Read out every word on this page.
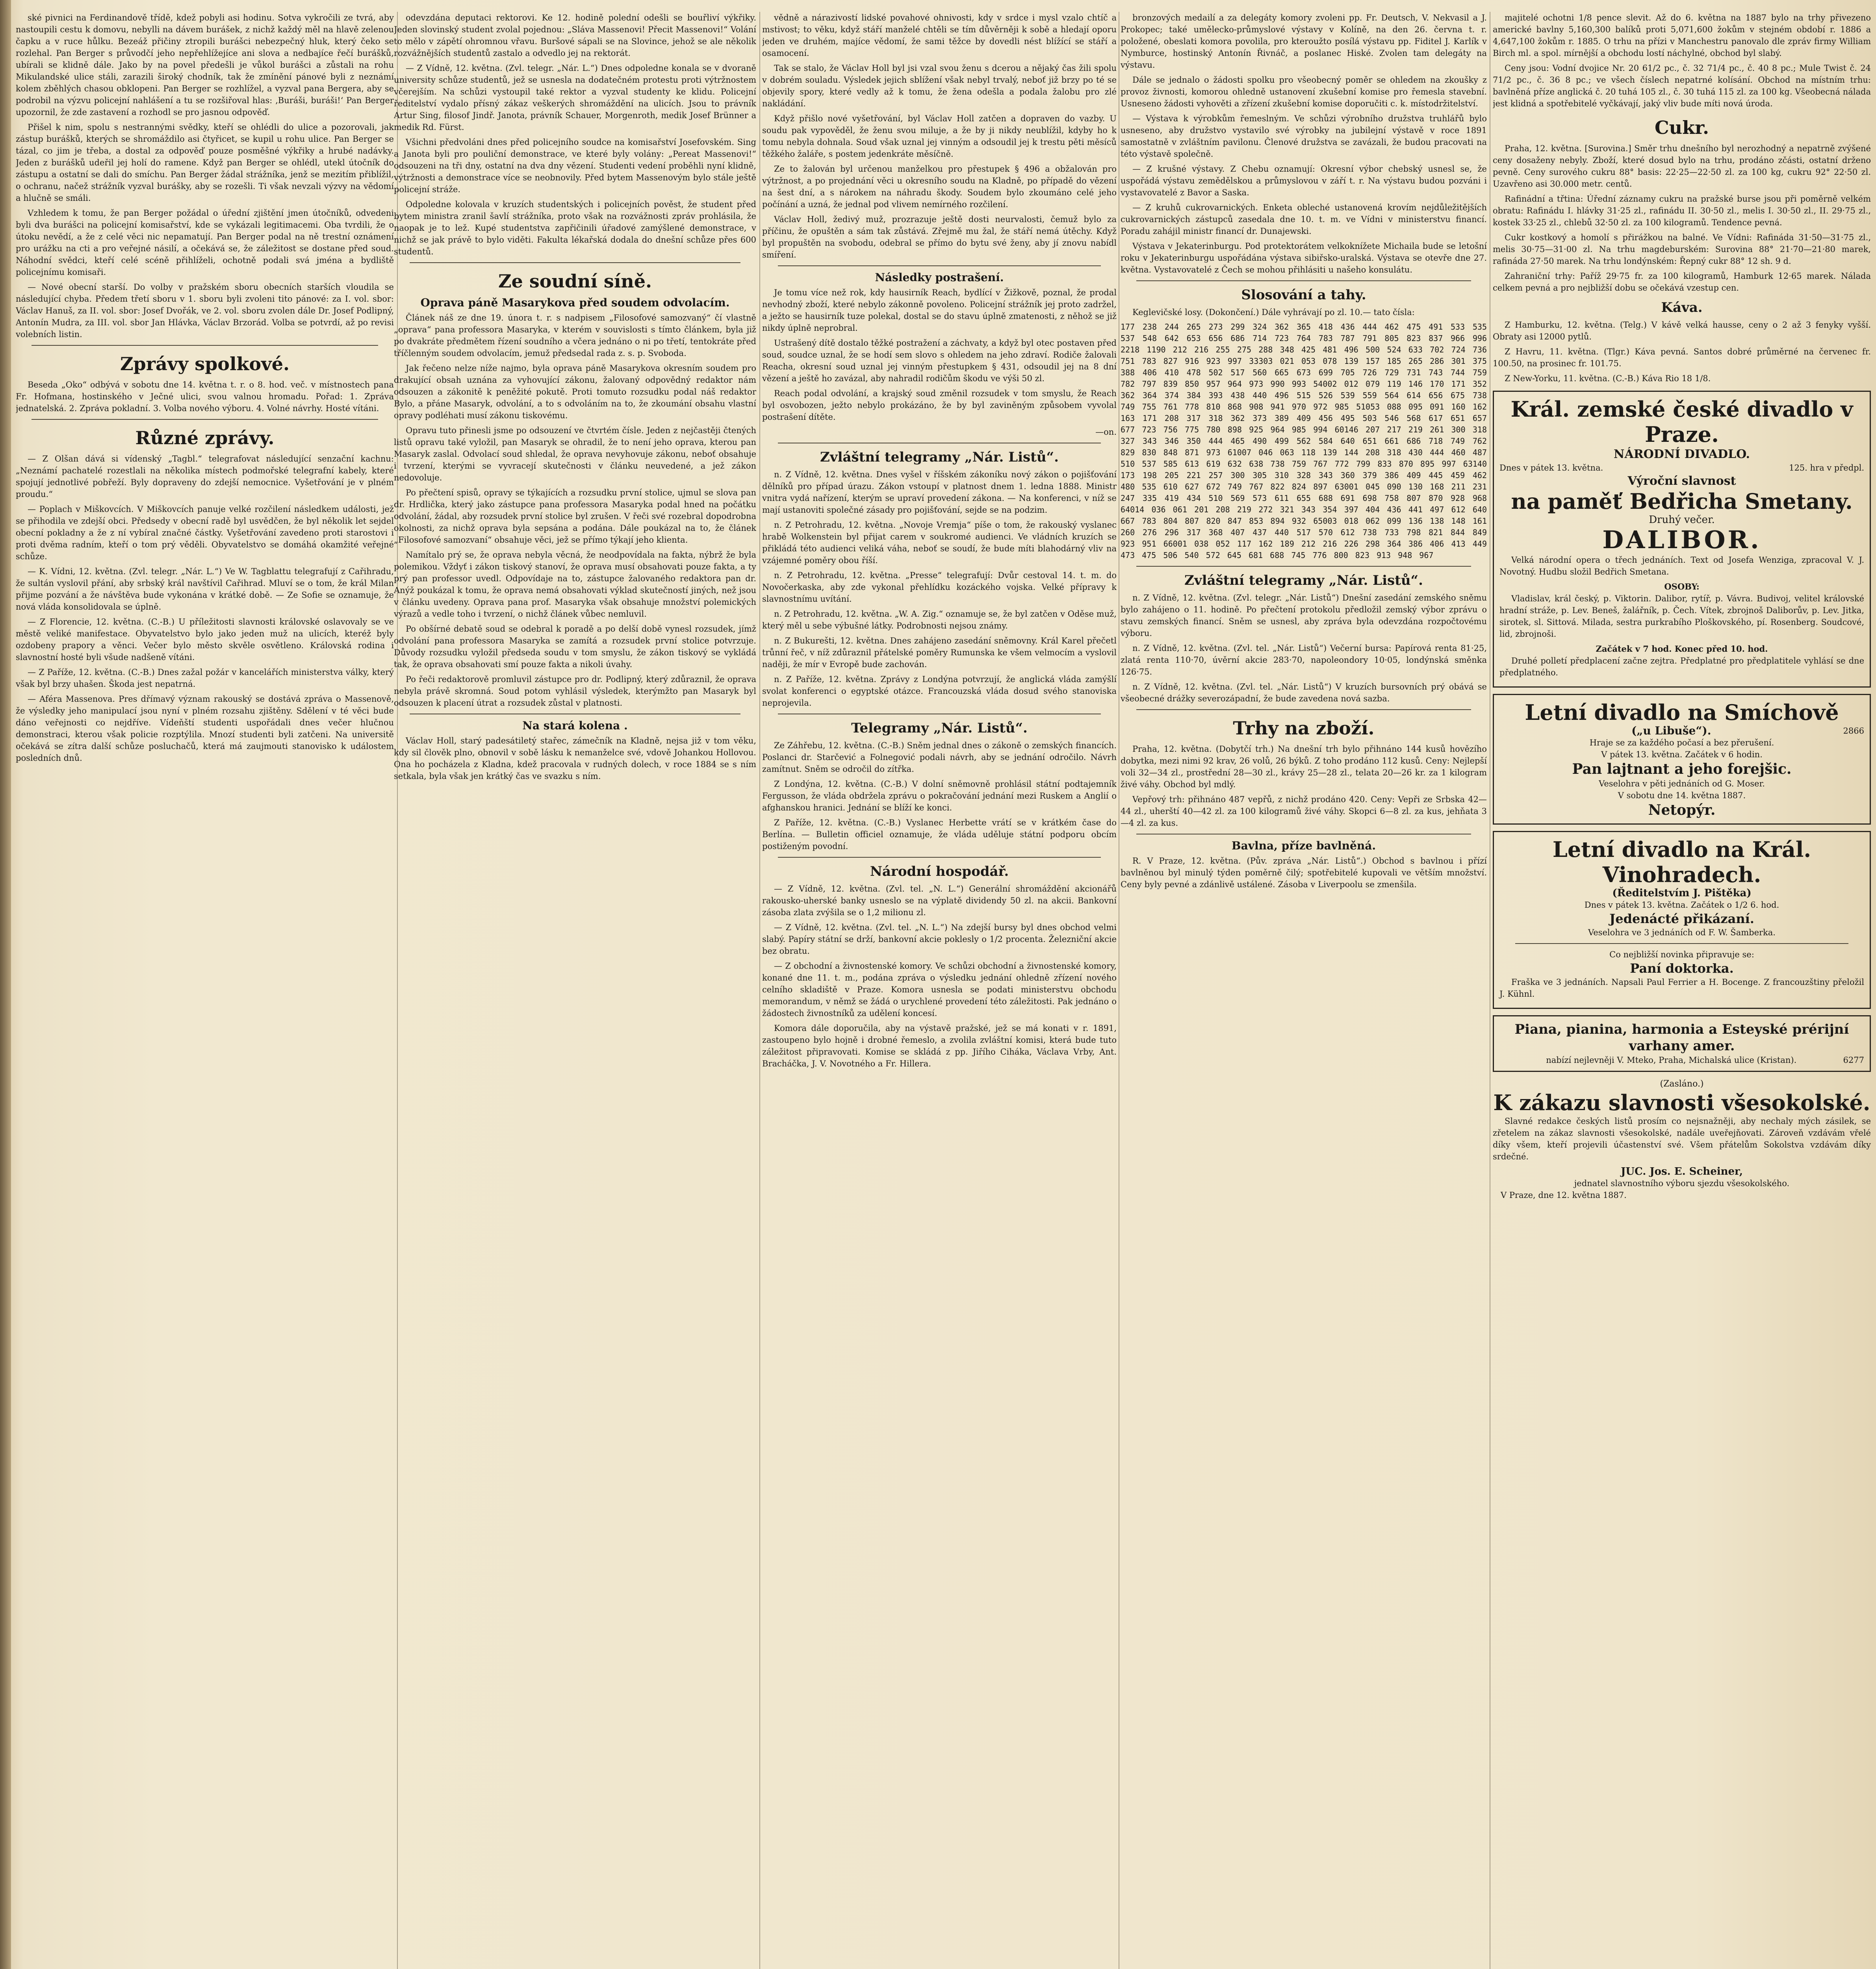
ské pivnici na Ferdinandově třídě, kdež pobyli asi hodinu. Sotva vykročili ze tvrá, aby nastoupili cestu k domovu, nebylli na dávem burášek, z nichž každý měl na hlavě zelenou čapku a v ruce hůlku. Bezeáž přičiny ztropili burášci nebezpečný hluk, který čeko se rozlehal. Pan Berger s průvodčí jeho nepřehlížejíce ani slova a nedbajíce řečí burášků, ubírali se klidně dále. Jako by na povel předešli je vůkol burášci a zůstali na rohu Mikulandské ulice stáli, zarazili široký chodník, tak že zmínění pánové byli z neznámí kolem zběhlých chasou obklopeni. Pan Berger se rozhlížel, a vyzval pana Bergera, aby se podrobil na výzvu policejní nahlášení a tu se rozšiřoval hlas: ‚Buráši, buráši!‘ Pan Berger upozornil, že zde zastavení a rozhodl se pro jasnou odpověď.

Přišel k nim, spolu s nestrannými svědky, kteří se ohlédli do ulice a pozorovali, jak zástup burášků, kterých se shromáždilo asi čtyřicet, se kupil u rohu ulice. Pan Berger se tázal, co jim je třeba, a dostal za odpověď pouze posměšné výkřiky a hrubé nadávky. Jeden z burášků udeřil jej holí do ramene. Když pan Berger se ohlédl, utekl útočník do zástupu a ostatní se dali do smíchu. Pan Berger žádal strážníka, jenž se mezitím přiblížil, o ochranu, načež strážník vyzval burášky, aby se rozešli. Ti však nevzali výzvy na vědomí a hlučně se smáli.

Vzhledem k tomu, že pan Berger požádal o úřední zjištění jmen útočníků, odvedeni byli dva burášci na policejní komisařství, kde se vykázali legitimacemi. Oba tvrdili, že o útoku nevědí, a že z celé věci nic nepamatují. Pan Berger podal na ně trestní oznámení pro urážku na cti a pro veřejné násilí, a očekává se, že záležitost se dostane před soud. Náhodní svědci, kteří celé scéně přihlíželi, ochotně podali svá jména a bydliště policejnímu komisaři.

— Nové obecní starší. Do volby v pražském sboru obecních starších vloudila se následující chyba. Předem třetí sboru v 1. sboru byli zvoleni tito pánové: za I. vol. sbor: Václav Hanuš, za II. vol. sbor: Josef Dvořák, ve 2. vol. sboru zvolen dále Dr. Josef Podlipný, Antonín Mudra, za III. vol. sbor Jan Hlávka, Václav Brzorád. Volba se potvrdí, až po revisi volebních listin.

Zprávy spolkové.

Beseda „Oko“ odbývá v sobotu dne 14. května t. r. o 8. hod. več. v místnostech pana Fr. Hofmana, hostinského v Ječné ulici, svou valnou hromadu. Pořad: 1. Zpráva jednatelská. 2. Zpráva pokladní. 3. Volba nového výboru. 4. Volné návrhy. Hosté vítáni.

Různé zprávy.

— Z Olšan dává si vídenský „Tagbl.“ telegrafovat následující senzační kachnu: „Neznámí pachatelé rozestlali na několika místech podmořské telegrafní kabely, které spojují jednotlivé pobřeží. Byly dopraveny do zdejší nemocnice. Vyšetřování je v plném proudu.“

— Poplach v Miškovcích. V Miškovcích panuje velké rozčilení následkem události, jež se přihodila ve zdejší obci. Předsedy v obecní radě byl usvědčen, že byl několik let sejdel obecní pokladny a že z ní vybíral značné částky. Vyšetřování zavedeno proti starostovi i proti dvěma radním, kteří o tom prý věděli. Obyvatelstvo se domáhá okamžité veřejné schůze.

— K. Vídni, 12. května. (Zvl. telegr. „Nár. L.“) Ve W. Tagblattu telegrafují z Cařihradu, že sultán vyslovil přání, aby srbský král navštívil Cařihrad. Mluví se o tom, že král Milan přijme pozvání a že návštěva bude vykonána v krátké době. — Ze Sofie se oznamuje, že nová vláda konsolidovala se úplně.

— Z Florencie, 12. května. (C.-B.) U příležitosti slavnosti královské oslavovaly se ve městě veliké manifestace. Obyvatelstvo bylo jako jeden muž na ulicích, kteréž byly ozdobeny prapory a věnci. Večer bylo město skvěle osvětleno. Královská rodina i slavnostní hosté byli všude nadšeně vítáni.

— Z Paříže, 12. května. (C.-B.) Dnes zažal požár v kancelářích ministerstva války, který však byl brzy uhašen. Škoda jest nepatrná.

— Aféra Massenova. Pres dřímavý význam rakouský se dostává zpráva o Massenově, že výsledky jeho manipulací jsou nyní v plném rozsahu zjištěny. Sdělení v té věci bude dáno veřejnosti co nejdříve. Vídeňští studenti uspořádali dnes večer hlučnou demonstraci, kterou však policie rozptýlila. Mnozí studenti byli zatčeni. Na universitě očekává se zítra další schůze posluchačů, která má zaujmouti stanovisko k událostem posledních dnů.

odevzdána deputaci rektorovi. Ke 12. hodině polední odešli se bouřliví výkřiky. Jeden slovinský student zvolal pojednou: „Sláva Massenovi! Přecit Massenovi!“ Volání to mělo v zápětí ohromnou vřavu. Buršové sápali se na Slovince, jehož se ale několik rozvážnějších studentů zastalo a odvedlo jej na rektorát.

— Z Vídně, 12. května. (Zvl. telegr. „Nár. L.“) Dnes odpoledne konala se v dvoraně university schůze studentů, jež se usnesla na dodatečném protestu proti výtržnostem včerejším. Na schůzi vystoupil také rektor a vyzval studenty ke klidu. Policejní ředitelství vydalo přísný zákaz veškerých shromáždění na ulicích. Jsou to právník Artur Sing, filosof Jindř. Janota, právník Schauer, Morgenroth, medik Josef Brünner a medik Rd. Fürst.

Všichni předvoláni dnes před policejního soudce na komisařství Josefovském. Sing a Janota byli pro pouliční demonstrace, ve které byly volány: „Pereat Massenovi!“ odsouzeni na tři dny, ostatní na dva dny vězení. Studenti vedení proběhli nyní klidně, výtržnosti a demonstrace více se neobnovily. Před bytem Massenovým bylo stále ještě policejní stráže.

Odpoledne kolovala v kruzích studentských i policejních pověst, že student před bytem ministra zranil šavlí strážníka, proto však na rozvážnosti zpráv prohlásila, že naopak je to lež. Kupé studentstva zapřičinili úřadové zamýšlené demonstrace, v nichž se jak právě to bylo viděti. Fakulta lékařská dodala do dnešní schůze přes 600 studentů.

Ze soudní síně.
Oprava páně Masarykova před soudem odvolacím.

Článek náš ze dne 19. února t. r. s nadpisem „Filosofové samozvaný“ čí vlastně „oprava“ pana professora Masaryka, v kterém v souvislosti s tímto článkem, byla již po dvakráte předmětem řízení soudního a včera jednáno o ni po třetí, tentokráte před tříčlenným soudem odvolacím, jemuž předsedal rada z. s. p. Svoboda.

Jak řečeno nelze níže najmo, byla oprava páně Masarykova okresním soudem pro drakující obsah uznána za vyhovující zákonu, žalovaný odpovědný redaktor nám odsouzen a zákonitě k peněžité pokutě. Proti tomuto rozsudku podal náš redaktor Bylo, a přáne Masaryk, odvolání, a to s odvoláním na to, že zkoumání obsahu vlastní opravy podléhati musí zákonu tiskovému.

Opravu tuto přinesli jsme po odsouzení ve čtvrtém čísle. Jeden z nejčastěji čtených listů opravu také vyložil, pan Masaryk se ohradil, že to není jeho oprava, kterou pan Masaryk zaslal. Odvolací soud shledal, že oprava nevyhovuje zákonu, neboť obsahuje i tvrzení, kterými se vyvracejí skutečnosti v článku neuvedené, a jež zákon nedovoluje.

Po přečtení spisů, opravy se týkajících a rozsudku první stolice, ujmul se slova pan dr. Hrdlička, který jako zástupce pana professora Masaryka podal hned na počátku odvolání, žádal, aby rozsudek první stolice byl zrušen. V řeči své rozebral dopodrobna okolnosti, za nichž oprava byla sepsána a podána. Dále poukázal na to, že článek „Filosofové samozvaní“ obsahuje věci, jež se přímo týkají jeho klienta.

Namítalo prý se, že oprava nebyla věcná, že neodpovídala na fakta, nýbrž že byla polemikou. Vždyť i zákon tiskový stanoví, že oprava musí obsahovati pouze fakta, a ty prý pan professor uvedl. Odpovídaje na to, zástupce žalovaného redaktora pan dr. Anýž poukázal k tomu, že oprava nemá obsahovati výklad skutečností jiných, než jsou v článku uvedeny. Oprava pana prof. Masaryka však obsahuje množství polemických výrazů a vedle toho i tvrzení, o nichž článek vůbec nemluvil.

Po obšírné debatě soud se odebral k poradě a po delší době vynesl rozsudek, jímž odvolání pana professora Masaryka se zamítá a rozsudek první stolice potvrzuje. Důvody rozsudku vyložil předseda soudu v tom smyslu, že zákon tiskový se vykládá tak, že oprava obsahovati smí pouze fakta a nikoli úvahy.

Po řeči redaktorově promluvil zástupce pro dr. Podlipný, který zdůraznil, že oprava nebyla právě skromná. Soud potom vyhlásil výsledek, kterýmžto pan Masaryk byl odsouzen k placení útrat a rozsudek zůstal v platnosti.

Na stará kolena .

Václav Holl, starý padesátiletý stařec, zámečník na Kladně, nejsa již v tom věku, kdy sil člověk plno, obnovil v sobě lásku k nemanželce své, vdově Johankou Hollovou. Ona ho pocházela z Kladna, kdež pracovala v rudných dolech, v roce 1884 se s ním setkala, byla však jen krátký čas ve svazku s ním.

vědně a nárazivostí lidské povahové ohnivosti, kdy v srdce i mysl vzalo chtíč a mstivost; to věku, když stáří manželé chtěli se tím důvěrněji k sobě a hledají oporu jeden ve druhém, majíce vědomí, že sami těžce by dovedli nést blížící se stáří a osamocení.

Tak se stalo, že Václav Holl byl jsi vzal svou ženu s dcerou a nějaký čas žili spolu v dobrém souladu. Výsledek jejich sblížení však nebyl trvalý, neboť již brzy po té se objevily spory, které vedly až k tomu, že žena odešla a podala žalobu pro zlé nakládání.

Když přišlo nové vyšetřování, byl Václav Holl zatčen a dopraven do vazby. U soudu pak vypověděl, že ženu svou miluje, a že by ji nikdy neublížil, kdyby ho k tomu nebyla dohnala. Soud však uznal jej vinným a odsoudil jej k trestu pěti měsíců těžkého žaláře, s postem jedenkráte měsíčně.

Ze to žalován byl určenou manželkou pro přestupek § 496 a obžalován pro výtržnost, a po projednání věci u okresního soudu na Kladně, po případě do vězení na šest dní, a s nárokem na náhradu škody. Soudem bylo zkoumáno celé jeho počínání a uzná, že jednal pod vlivem nemírného rozčilení.

Václav Holl, žedivý muž, prozrazuje ještě dosti neurvalosti, čemuž bylo za příčinu, že opuštěn a sám tak zůstává. Zřejmě mu žal, že stáří nemá útěchy. Když byl propuštěn na svobodu, odebral se přímo do bytu své ženy, aby jí znovu nabídl smíření.

Následky postrašení.

Je tomu více než rok, kdy hausirník Reach, bydlící v Žižkově, poznal, že prodal nevhodný zboží, které nebylo zákonně povoleno. Policejní strážník jej proto zadržel, a ježto se hausirník tuze polekal, dostal se do stavu úplně zmatenosti, z něhož se již nikdy úplně neprobral.

Ustrašený dítě dostalo těžké postražení a záchvaty, a když byl otec postaven před soud, soudce uznal, že se hodí sem slovo s ohledem na jeho zdraví. Rodiče žalovali Reacha, okresní soud uznal jej vinným přestupkem § 431, odsoudil jej na 8 dní vězení a ještě ho zavázal, aby nahradil rodičům škodu ve výši 50 zl.

Reach podal odvolání, a krajský soud změnil rozsudek v tom smyslu, že Reach byl osvobozen, ježto nebylo prokázáno, že by byl zaviněným způsobem vyvolal postrašení dítěte.

—on.

Zvláštní telegramy „Nár. Listů“.

n. Z Vídně, 12. května. Dnes vyšel v říšském zákoníku nový zákon o pojišťování dělníků pro případ úrazu. Zákon vstoupí v platnost dnem 1. ledna 1888. Ministr vnitra vydá nařízení, kterým se upraví provedení zákona. — Na konferenci, v níž se mají ustanoviti společné zásady pro pojišťování, sejde se na podzim.

n. Z Petrohradu, 12. května. „Novoje Vremja“ píše o tom, že rakouský vyslanec hrabě Wolkenstein byl přijat carem v soukromé audienci. Ve vládních kruzích se přikládá této audienci veliká váha, neboť se soudí, že bude míti blahodárný vliv na vzájemné poměry obou říší.

n. Z Petrohradu, 12. května. „Presse“ telegrafují: Dvůr cestoval 14. t. m. do Novočerkaska, aby zde vykonal přehlídku kozáckého vojska. Velké přípravy k slavnostnímu uvítání.

n. Z Petrohradu, 12. května. „W. A. Zig.“ oznamuje se, že byl zatčen v Oděse muž, který měl u sebe výbušné látky. Podrobnosti nejsou známy.

n. Z Bukurešti, 12. května. Dnes zahájeno zasedání sněmovny. Král Karel přečetl trůnní řeč, v níž zdůraznil přátelské poměry Rumunska ke všem velmocím a vyslovil naději, že mír v Evropě bude zachován.

n. Z Paříže, 12. května. Zprávy z Londýna potvrzují, že anglická vláda zamýšlí svolat konferenci o egyptské otázce. Francouzská vláda dosud svého stanoviska neprojevila.

Telegramy „Nár. Listů“.

Ze Záhřebu, 12. května. (C.-B.) Sněm jednal dnes o zákoně o zemských financích. Poslanci dr. Starčević a Folnegović podali návrh, aby se jednání odročilo. Návrh zamítnut. Sněm se odročil do zítřka.

Z Londýna, 12. května. (C.-B.) V dolní sněmovně prohlásil státní podtajemník Fergusson, že vláda obdržela zprávu o pokračování jednání mezi Ruskem a Anglií o afghanskou hranici. Jednání se blíží ke konci.

Z Paříže, 12. května. (C.-B.) Vyslanec Herbette vrátí se v krátkém čase do Berlína. — Bulletin officiel oznamuje, že vláda uděluje státní podporu obcím postiženým povodní.

Národní hospodář.

— Z Vídně, 12. května. (Zvl. tel. „N. L.“) Generální shromáždění akcionářů rakousko-uherské banky usneslo se na výplatě dividendy 50 zl. na akcii. Bankovní zásoba zlata zvýšila se o 1,2 milionu zl.

— Z Vídně, 12. května. (Zvl. tel. „N. L.“) Na zdejší bursy byl dnes obchod velmi slabý. Papíry státní se drží, bankovní akcie poklesly o 1/2 procenta. Železniční akcie bez obratu.

— Z obchodní a živnostenské komory. Ve schůzi obchodní a živnostenské komory, konané dne 11. t. m., podána zpráva o výsledku jednání ohledně zřízení nového celního skladiště v Praze. Komora usnesla se podati ministerstvu obchodu memorandum, v němž se žádá o urychlené provedení této záležitosti. Pak jednáno o žádostech živnostníků za udělení koncesí.

Komora dále doporučila, aby na výstavě pražské, jež se má konati v r. 1891, zastoupeno bylo hojně i drobné řemeslo, a zvolila zvláštní komisi, která bude tuto záležitost připravovati. Komise se skládá z pp. Jiřího Ciháka, Václava Vrby, Ant. Bracháčka, J. V. Novotného a Fr. Hillera.

bronzových medailí a za delegáty komory zvoleni pp. Fr. Deutsch, V. Nekvasil a J. Prokopec; také umělecko-průmyslové výstavy v Kolíně, na den 26. června t. r. položené, obeslati komora povolila, pro kteroužto posílá výstavu pp. Fiditel J. Karlík v Nymburce, hostinský Antonín Řivnáč, a poslanec Hiské. Zvolen tam delegáty na výstavu.

Dále se jednalo o žádosti spolku pro všeobecný poměr se ohledem na zkoušky z provoz živnosti, komorou ohledně ustanovení zkušební komise pro řemesla stavební. Usneseno žádosti vyhověti a zřízení zkušební komise doporučiti c. k. místodržitelství.

— Výstava k výrobkům řemeslným. Ve schůzi výrobního družstva truhlářů bylo usneseno, aby družstvo vystavilo své výrobky na jubilejní výstavě v roce 1891 samostatně v zvláštním pavilonu. Členové družstva se zavázali, že budou pracovati na této výstavě společně.

— Z krušné výstavy. Z Chebu oznamují: Okresní výbor chebský usnesl se, že uspořádá výstavu zemědělskou a průmyslovou v září t. r. Na výstavu budou pozváni i vystavovatelé z Bavor a Saska.

— Z kruhů cukrovarnických. Enketa obleché ustanovená krovím nejdůležitějších cukrovarnických zástupců zasedala dne 10. t. m. ve Vídni v ministerstvu financí. Poradu zahájil ministr financí dr. Dunajewski.

Výstava v Jekaterinburgu. Pod protektorátem velkoknížete Michaila bude se letošní roku v Jekaterinburgu uspořádána výstava sibiřsko-uralská. Výstava se otevře dne 27. května. Vystavovatelé z Čech se mohou přihlásiti u našeho konsulátu.

Slosování a tahy.

Keglevičské losy. (Dokončení.) Dále vyhrávají po zl. 10.— tato čísla:

177 238 244 265 273 299 324 362 365 418 436 444 462 475 491 533 535 537 548 642 653 656 686 714 723 764 783 787 791 805 823 837 966 996 2218 1190 212 216 255 275 288 348 425 481 496 500 524 633 702 724 736 751 783 827 916 923 997 33303 021 053 078 139 157 185 265 286 301 375 388 406 410 478 502 517 560 665 673 699 705 726 729 731 743 744 759 782 797 839 850 957 964 973 990 993 54002 012 079 119 146 170 171 352 362 364 374 384 393 438 440 496 515 526 539 559 564 614 656 675 738 749 755 761 778 810 868 908 941 970 972 985 51053 088 095 091 160 162 163 171 208 317 318 362 373 389 409 456 495 503 546 568 617 651 657 677 723 756 775 780 898 925 964 985 994 60146 207 217 219 261 300 318 327 343 346 350 444 465 490 499 562 584 640 651 661 686 718 749 762 829 830 848 871 973 61007 046 063 118 139 144 208 318 430 444 460 487 510 537 585 613 619 632 638 738 759 767 772 799 833 870 895 997 63140 173 198 205 221 257 300 305 310 328 343 360 379 386 409 445 459 462 480 535 610 627 672 749 767 822 824 897 63001 045 090 130 168 211 231 247 335 419 434 510 569 573 611 655 688 691 698 758 807 870 928 968 64014 036 061 201 208 219 272 321 343 354 397 404 436 441 497 612 640 667 783 804 807 820 847 853 894 932 65003 018 062 099 136 138 148 161 260 276 296 317 368 407 437 440 517 570 612 738 733 798 821 844 849 923 951 66001 038 052 117 162 189 212 216 226 298 364 386 406 413 449 473 475 506 540 572 645 681 688 745 776 800 823 913 948 967
Zvláštní telegramy „Nár. Listů“.

n. Z Vídně, 12. května. (Zvl. telegr. „Nár. Listů“) Dnešní zasedání zemského sněmu bylo zahájeno o 11. hodině. Po přečtení protokolu předložil zemský výbor zprávu o stavu zemských financí. Sněm se usnesl, aby zpráva byla odevzdána rozpočtovému výboru.

n. Z Vídně, 12. května. (Zvl. tel. „Nár. Listů“) Večerní bursa: Papírová renta 81·25, zlatá renta 110·70, úvěrní akcie 283·70, napoleondory 10·05, londýnská směnka 126·75.

n. Z Vídně, 12. května. (Zvl. tel. „Nár. Listů“) V kruzích bursovních prý obává se všeobecné drážky severozápadní, že bude zavedena nová sazba.

Trhy na zboží.

Praha, 12. května. (Dobytčí trh.) Na dnešní trh bylo přihnáno 144 kusů hovězího dobytka, mezi nimi 92 krav, 26 volů, 26 býků. Z toho prodáno 112 kusů. Ceny: Nejlepší voli 32—34 zl., prostřední 28—30 zl., krávy 25—28 zl., telata 20—26 kr. za 1 kilogram živé váhy. Obchod byl mdlý.

Vepřový trh: přihnáno 487 vepřů, z nichž prodáno 420. Ceny: Vepři ze Srbska 42—44 zl., uherští 40—42 zl. za 100 kilogramů živé váhy. Skopci 6—8 zl. za kus, jehňata 3—4 zl. za kus.

Bavlna, příze bavlněná.

R. V Praze, 12. května. (Pův. zpráva „Nár. Listů“.) Obchod s bavlnou i přízí bavlněnou byl minulý týden poměrně čilý; spotřebitelé kupovali ve větším množství. Ceny byly pevné a zdánlivě ustálené. Zásoba v Liverpoolu se zmenšila.

majitelé ochotni 1/8 pence slevit. Až do 6. května na 1887 bylo na trhy přivezeno americké bavlny 5,160,300 balíků proti 5,071,600 žokům v stejném období r. 1886 a 4,647,100 žokům r. 1885. O trhu na přízi v Manchestru panovalo dle zpráv firmy William Birch ml. a spol. mírnější a obchodu lostí náchylné, obchod byl slabý.

Ceny jsou: Vodní dvojice Nr. 20 61/2 pc., č. 32 71/4 pc., č. 40 8 pc.; Mule Twist č. 24 71/2 pc., č. 36 8 pc.; ve všech číslech nepatrné kolísání. Obchod na místním trhu: bavlněná příze anglická č. 20 tuhá 105 zl., č. 30 tuhá 115 zl. za 100 kg. Všeobecná nálada jest klidná a spotřebitelé vyčkávají, jaký vliv bude míti nová úroda.

Cukr.

Praha, 12. května. [Surovina.] Směr trhu dnešního byl nerozhodný a nepatrně zvýšené ceny dosaženy nebyly. Zboží, které dosud bylo na trhu, prodáno zčásti, ostatní drženo pevně. Ceny surového cukru 88° basis: 22·25—22·50 zl. za 100 kg, cukru 92° 22·50 zl. Uzavřeno asi 30.000 metr. centů.

Rafinádní a třtina: Úřední záznamy cukru na pražské burse jsou při poměrně velkém obratu: Rafinádu I. hlávky 31·25 zl., rafinádu II. 30·50 zl., melis I. 30·50 zl., II. 29·75 zl., kostek 33·25 zl., chlebů 32·50 zl. za 100 kilogramů. Tendence pevná.

Cukr kostkový a homolí s přirážkou na balné. Ve Vídni: Rafináda 31·50—31·75 zl., melis 30·75—31·00 zl. Na trhu magdeburském: Surovina 88° 21·70—21·80 marek, rafináda 27·50 marek. Na trhu londýnském: Řepný cukr 88° 12 sh. 9 d.

Zahraniční trhy: Paříž 29·75 fr. za 100 kilogramů, Hamburk 12·65 marek. Nálada celkem pevná a pro nejbližší dobu se očekává vzestup cen.

Káva.

Z Hamburku, 12. května. (Telg.) V kávě velká hausse, ceny o 2 až 3 fenyky vyšší. Obraty asi 12000 pytlů.

Z Havru, 11. května. (Tlgr.) Káva pevná. Santos dobré průměrné na červenec fr. 100.50, na prosinec fr. 101.75.

Z New-Yorku, 11. května. (C.-B.) Káva Rio 18 1/8.

Král. zemské české divadlo v Praze.
NÁRODNÍ DIVADLO.
Dnes v pátek 13. května.	125. hra v předpl.
Výroční slavnost
na paměť Bedřicha Smetany.
Druhý večer.
DALIBOR.

Velká národní opera o třech jednáních. Text od Josefa Wenziga, zpracoval V. J. Novotný. Hudbu složil Bedřich Smetana.

OSOBY:

Vladislav, král český, p. Viktorin. Dalibor, rytíř, p. Vávra. Budivoj, velitel královské hradní stráže, p. Lev. Beneš, žalářník, p. Čech. Vítek, zbrojnoš Daliborův, p. Lev. Jitka, sirotek, sl. Sittová. Milada, sestra purkrabího Ploškovského, pí. Rosenberg. Soudcové, lid, zbrojnoši.

Začátek v 7 hod. Konec před 10. hod.

Druhé polletí předplacení začne zejtra. Předplatné pro předplatitele vyhlásí se dne předplatného.

Letní divadlo na Smíchově
(„u Libuše“).	2866
Hraje se za každého počasí a bez přerušení.
V pátek 13. května. Začátek v 6 hodin.
Pan lajtnant a jeho forejšic.
Veselohra v pěti jednáních od G. Moser.
V sobotu dne 14. května 1887.
Netopýr.
Letní divadlo na Král. Vinohradech.
(Ředitelstvím J. Pištěka)
Dnes v pátek 13. května. Začátek o 1/2 6. hod.
Jedenácté přikázaní.
Veselohra ve 3 jednáních od F. W. Šamberka.
Co nejbližší novinka připravuje se:
Paní doktorka.

Fraška ve 3 jednáních. Napsali Paul Ferrier a H. Bocenge. Z francouzštiny přeložil J. Kühnl.

Piana, pianina, harmonia a Esteyské prérijní varhany amer.
nabízí nejlevněji V. Mteko, Praha, Michalská ulice (Kristan).	6277
(Zasláno.)
K zákazu slavnosti všesokolské.

Slavné redakce českých listů prosím co nejsnažněji, aby nechaly mých zásilek, se zřetelem na zákaz slavnosti všesokolské, nadále uveřejňovati. Zároveň vzdávám vřelé díky všem, kteří projevili účastenství své. Všem přátelům Sokolstva vzdávám díky srdečné.

JUC. Jos. E. Scheiner,
jednatel slavnostního výboru sjezdu všesokolského.
V Praze, dne 12. května 1887.
